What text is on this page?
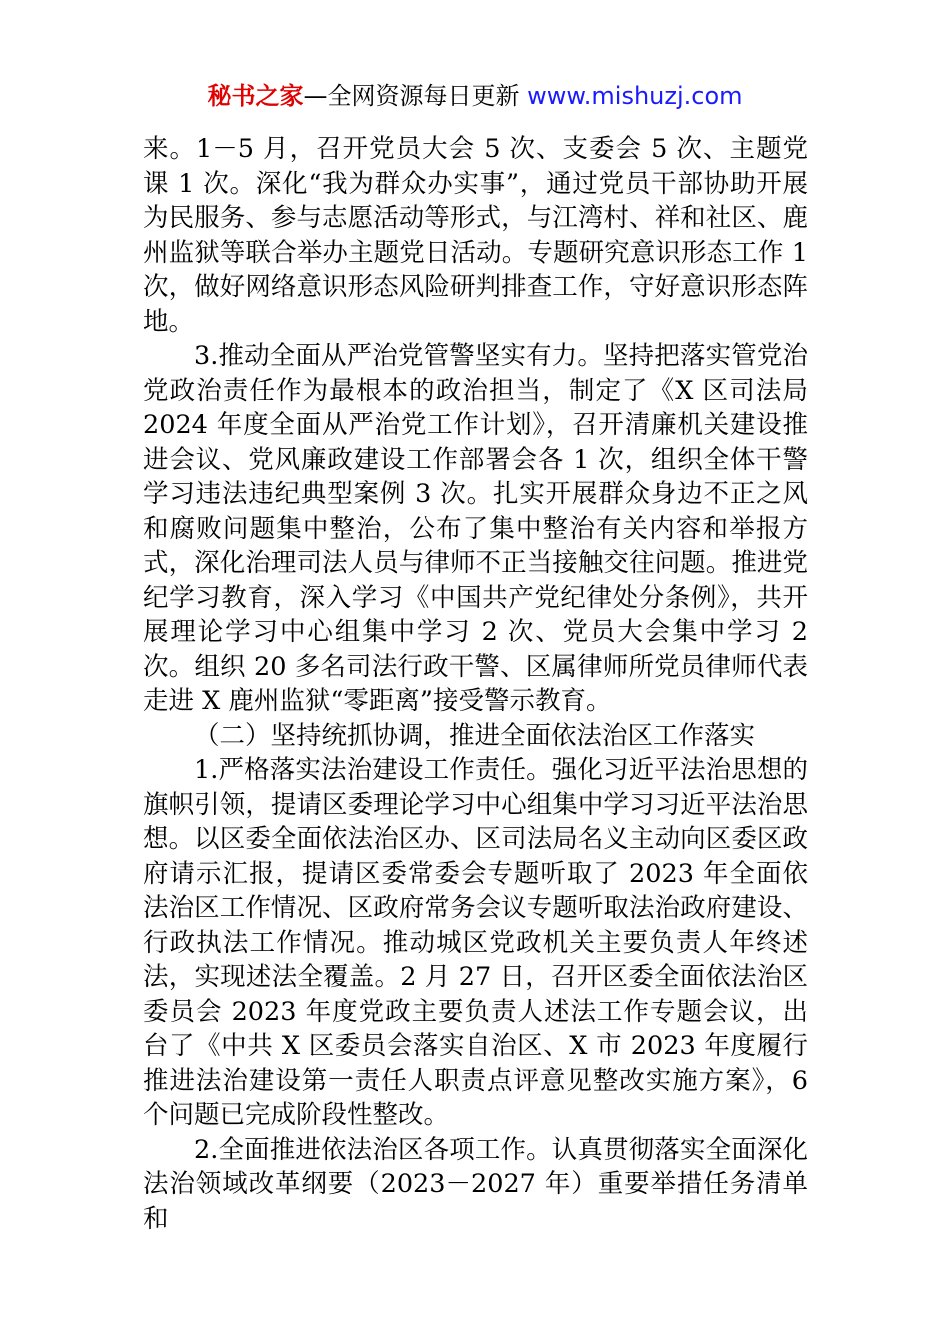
秘书之家—全网资源每日更新 www.mishuzj.com

来。1－5 月，召开党员大会 5 次、支委会 5 次、主题党课 1 次。深化“我为群众办实事”，通过党员干部协助开展为民服务、参与志愿活动等形式，与江湾村、祥和社区、鹿州监狱等联合举办主题党日活动。专题研究意识形态工作 1 次，做好网络意识形态风险研判排查工作，守好意识形态阵地。

3.推动全面从严治党管警坚实有力。坚持把落实管党治党政治责任作为最根本的政治担当，制定了《X 区司法局 2024 年度全面从严治党工作计划》，召开清廉机关建设推进会议、党风廉政建设工作部署会各 1 次，组织全体干警学习违法违纪典型案例 3 次。扎实开展群众身边不正之风和腐败问题集中整治，公布了集中整治有关内容和举报方式，深化治理司法人员与律师不正当接触交往问题。推进党纪学习教育，深入学习《中国共产党纪律处分条例》，共开展理论学习中心组集中学习 2 次、党员大会集中学习 2 次。组织 20 多名司法行政干警、区属律师所党员律师代表走进 X 鹿州监狱“零距离”接受警示教育。

（二）坚持统抓协调，推进全面依法治区工作落实

1.严格落实法治建设工作责任。强化习近平法治思想的旗帜引领，提请区委理论学习中心组集中学习习近平法治思想。以区委全面依法治区办、区司法局名义主动向区委区政府请示汇报，提请区委常委会专题听取了 2023 年全面依法治区工作情况、区政府常务会议专题听取法治政府建设、行政执法工作情况。推动城区党政机关主要负责人年终述法，实现述法全覆盖。2 月 27 日，召开区委全面依法治区委员会 2023 年度党政主要负责人述法工作专题会议，出台了《中共 X 区委员会落实自治区、X 市 2023 年度履行推进法治建设第一责任人职责点评意见整改实施方案》，6 个问题已完成阶段性整改。

2.全面推进依法治区各项工作。认真贯彻落实全面深化法治领域改革纲要（2023－2027 年）重要举措任务清单和
